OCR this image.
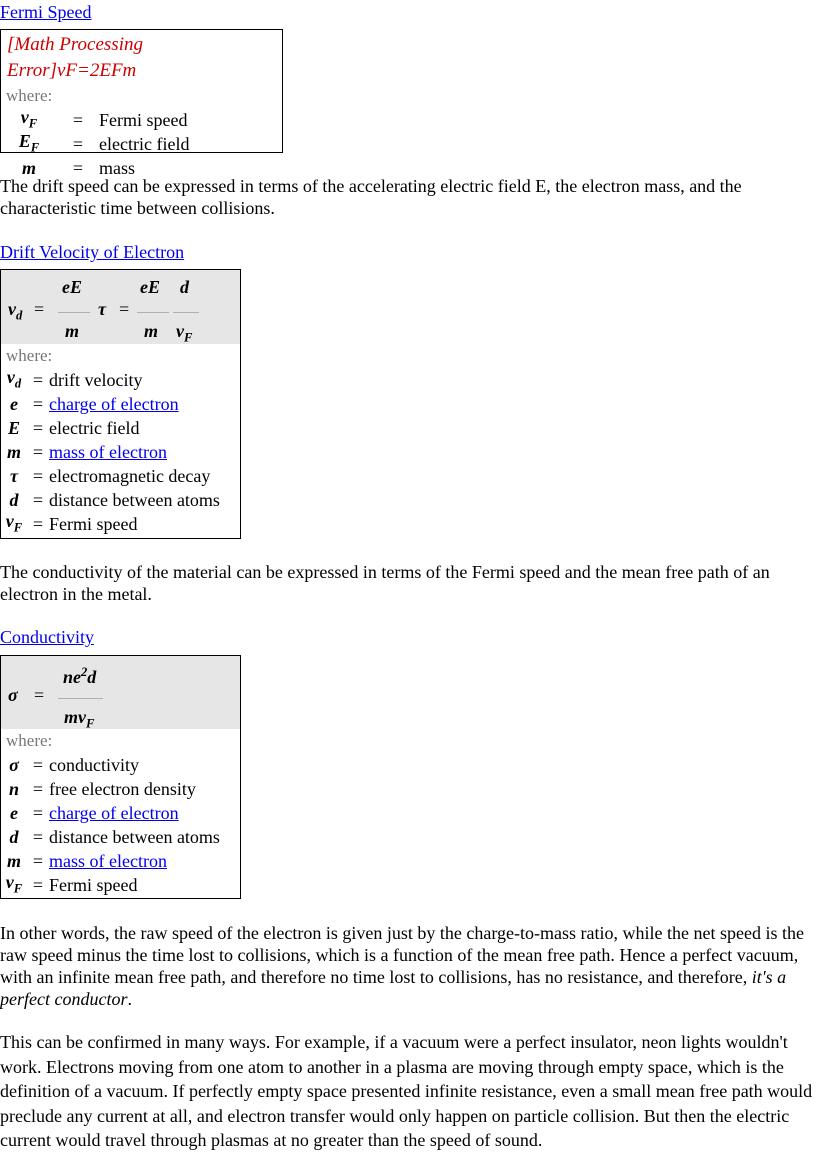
Fermi Speed
[Math Processing Error]vF=2EFm
where:
$v_F$	= Fermi speed
$E_F$	= electric field
m	= mass

The drift speed can be expressed in terms of the accelerating electric field E, the electron mass, and the characteristic time between collisions.

Drift Velocity of Electron
$v_d$ =
eE
m
τ =
eE
m
d
$v_F$
where:
$v_d$ = drift velocity
e = charge of electron
E = electric field
m = mass of electron
τ = electromagnetic decay
d = distance between atoms
$v_F$ = Fermi speed

The conductivity of the material can be expressed in terms of the Fermi speed and the mean free path of an electron in the metal.

Conductivity
σ =
$ne^2d$
$mv_F$
where:
σ = conductivity
n = free electron density
e = charge of electron
d = distance between atoms
m = mass of electron
$v_F$ = Fermi speed

In other words, the raw speed of the electron is given just by the charge-to-mass ratio, while the net speed is the raw speed minus the time lost to collisions, which is a function of the mean free path. Hence a perfect vacuum, with an infinite mean free path, and therefore no time lost to collisions, has no resistance, and therefore, it's a perfect conductor.

This can be confirmed in many ways. For example, if a vacuum were a perfect insulator, neon lights wouldn't work. Electrons moving from one atom to another in a plasma are moving through empty space, which is the definition of a vacuum. If perfectly empty space presented infinite resistance, even a small mean free path would preclude any current at all, and electron transfer would only happen on particle collision. But then the electric current would travel through plasmas at no greater than the speed of sound.
